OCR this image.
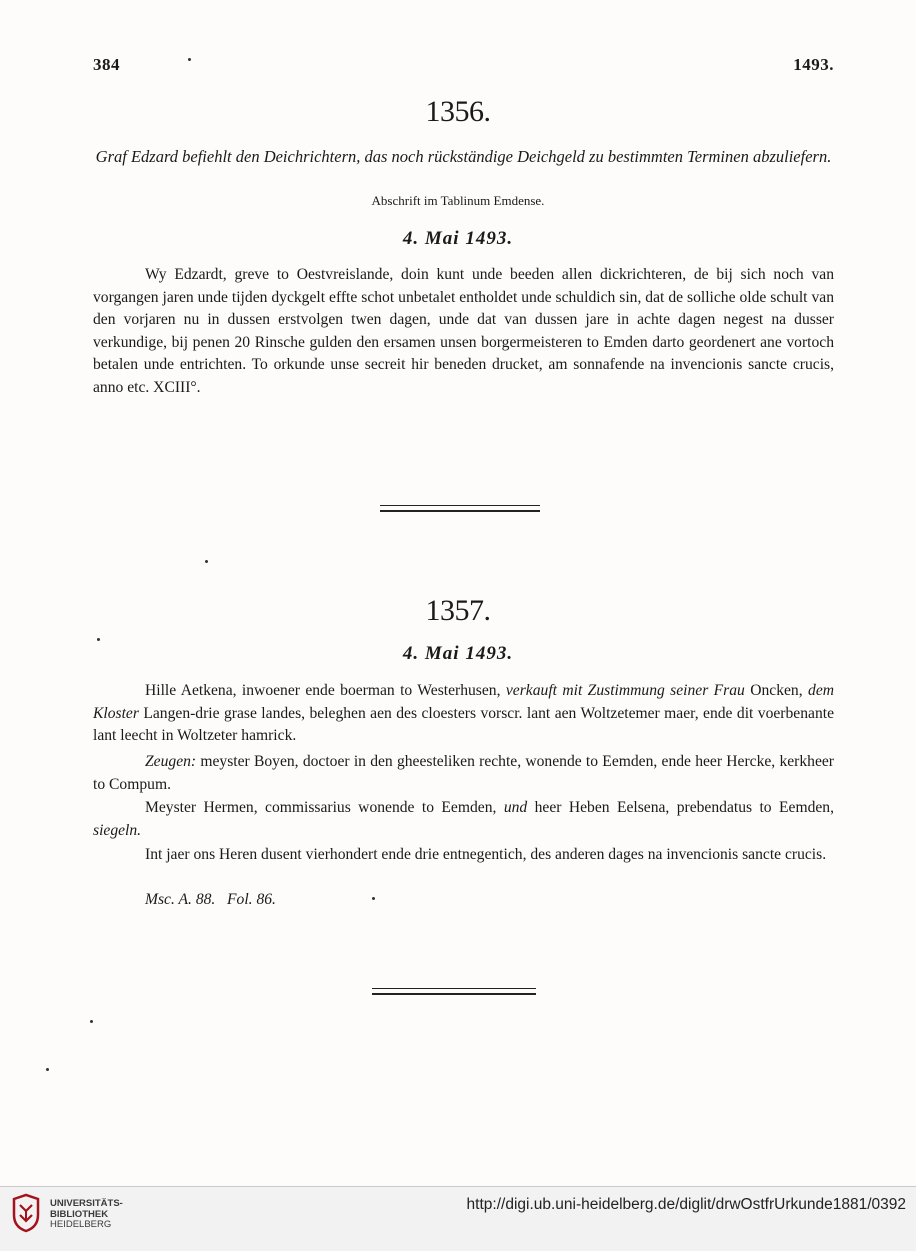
384	1493.
1356.
Graf Edzard befiehlt den Deichrichtern, das noch rückständige Deichgeld zu bestimmten Terminen abzuliefern.
Abschrift im Tablinum Emdense.
4. Mai 1493.

Wy Edzardt, greve to Oestvreislande, doin kunt unde beeden allen dickrichteren, de bij sich noch van vorgangen jaren unde tijden dyckgelt effte schot unbetalet entholdet unde schuldich sin, dat de solliche olde schult van den vorjaren nu in dussen erstvolgen twen dagen, unde dat van dussen jare in achte dagen negest na dusser verkundige, bij penen 20 Rinsche gulden den ersamen unsen borgermeisteren to Emden darto geordenert ane vortoch betalen unde entrichten. To orkunde unse secreit hir beneden drucket, am sonnafende na invencionis sancte crucis, anno etc. XCIII°.

1357.
4. Mai 1493.

Hille Aetkena, inwoener ende boerman to Westerhusen, verkauft mit Zustimmung seiner Frau Oncken, dem Kloster Langen-drie grase landes, beleghen aen des cloesters vorscr. lant aen Woltzetemer maer, ende dit voerbenante lant leecht in Woltzeter hamrick.

Zeugen: meyster Boyen, doctoer in den gheesteliken rechte, wonende to Eemden, ende heer Hercke, kerkheer to Compum.

Meyster Hermen, commissarius wonende to Eemden, und heer Heben Eelsena, prebendatus to Eemden, siegeln.

Int jaer ons Heren dusent vierhondert ende drie entnegentich, des anderen dages na invencionis sancte crucis.

Msc. A. 88.   Fol. 86.

UNIVERSITÄTS-
BIBLIOTHEK
HEIDELBERG
http://digi.ub.uni-heidelberg.de/diglit/drwOstfrUrkunde1881/0392
